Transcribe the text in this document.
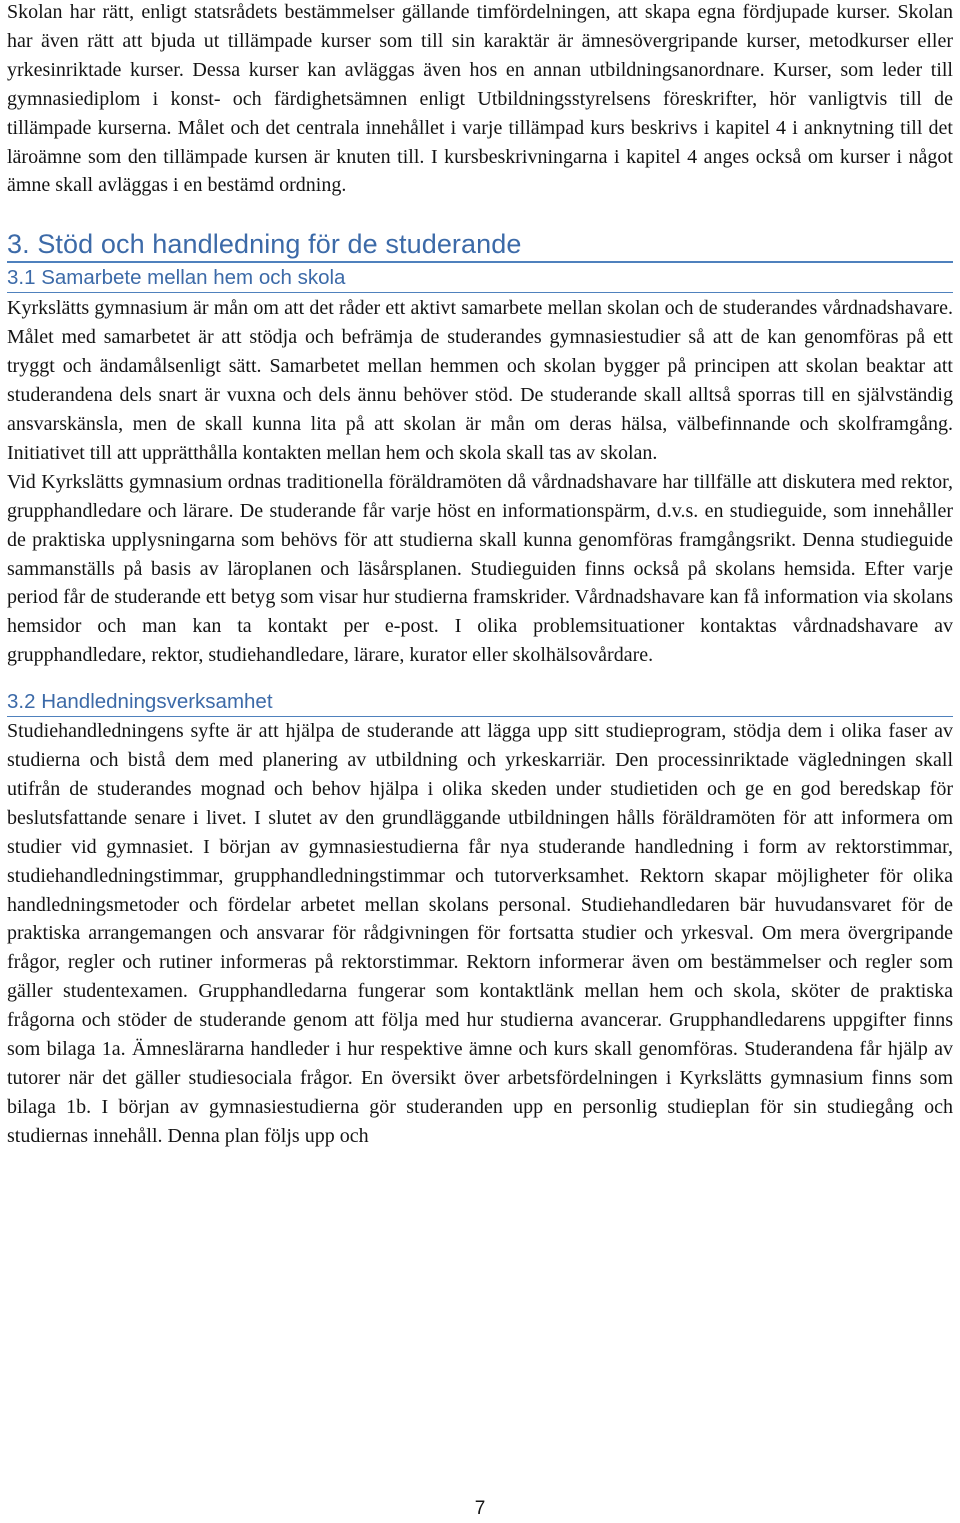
Skolan har rätt, enligt statsrådets bestämmelser gällande timfördelningen, att skapa egna fördjupade kurser. Skolan har även rätt att bjuda ut tillämpade kurser som till sin karaktär är ämnesövergripande kurser, metodkurser eller yrkesinriktade kurser. Dessa kurser kan avläggas även hos en annan utbildningsanordnare. Kurser, som leder till gymnasiediplom i konst- och färdighetsämnen enligt Utbildningsstyrelsens föreskrifter, hör vanligtvis till de tillämpade kurserna. Målet och det centrala innehållet i varje tillämpad kurs beskrivs i kapitel 4 i anknytning till det läroämne som den tillämpade kursen är knuten till. I kursbeskrivningarna i kapitel 4 anges också om kurser i något ämne skall avläggas i en bestämd ordning.

3. Stöd och handledning för de studerande
3.1 Samarbete mellan hem och skola

Kyrkslätts gymnasium är mån om att det råder ett aktivt samarbete mellan skolan och de studerandes vårdnadshavare. Målet med samarbetet är att stödja och befrämja de studerandes gymnasiestudier så att de kan genomföras på ett tryggt och ändamålsenligt sätt. Samarbetet mellan hemmen och skolan bygger på principen att skolan beaktar att studerandena dels snart är vuxna och dels ännu behöver stöd. De studerande skall alltså sporras till en självständig ansvarskänsla, men de skall kunna lita på att skolan är mån om deras hälsa, välbefinnande och skolframgång. Initiativet till att upprätthålla kontakten mellan hem och skola skall tas av skolan.

Vid Kyrkslätts gymnasium ordnas traditionella föräldramöten då vårdnadshavare har tillfälle att diskutera med rektor, grupphandledare och lärare. De studerande får varje höst en informationspärm, d.v.s. en studieguide, som innehåller de praktiska upplysningarna som behövs för att studierna skall kunna genomföras framgångsrikt. Denna studieguide sammanställs på basis av läroplanen och läsårsplanen. Studieguiden finns också på skolans hemsida. Efter varje period får de studerande ett betyg som visar hur studierna framskrider. Vårdnadshavare kan få information via skolans hemsidor och man kan ta kontakt per e-post. I olika problemsituationer kontaktas vårdnadshavare av grupphandledare, rektor, studiehandledare, lärare, kurator eller skolhälsovårdare.

3.2 Handledningsverksamhet

Studiehandledningens syfte är att hjälpa de studerande att lägga upp sitt studieprogram, stödja dem i olika faser av studierna och bistå dem med planering av utbildning och yrkeskarriär. Den processinriktade vägledningen skall utifrån de studerandes mognad och behov hjälpa i olika skeden under studietiden och ge en god beredskap för beslutsfattande senare i livet. I slutet av den grundläggande utbildningen hålls föräldramöten för att informera om studier vid gymnasiet. I början av gymnasiestudierna får nya studerande handledning i form av rektorstimmar, studiehandledningstimmar, grupphandledningstimmar och tutorverksamhet. Rektorn skapar möjligheter för olika handledningsmetoder och fördelar arbetet mellan skolans personal. Studiehandledaren bär huvudansvaret för de praktiska arrangemangen och ansvarar för rådgivningen för fortsatta studier och yrkesval. Om mera övergripande frågor, regler och rutiner informeras på rektorstimmar. Rektorn informerar även om bestämmelser och regler som gäller studentexamen. Grupphandledarna fungerar som kontaktlänk mellan hem och skola, sköter de praktiska frågorna och stöder de studerande genom att följa med hur studierna avancerar. Grupphandledarens uppgifter finns som bilaga 1a. Ämneslärarna handleder i hur respektive ämne och kurs skall genomföras. Studerandena får hjälp av tutorer när det gäller studiesociala frågor. En översikt över arbetsfördelningen i Kyrkslätts gymnasium finns som bilaga 1b. I början av gymnasiestudierna gör studeranden upp en personlig studieplan för sin studiegång och studiernas innehåll. Denna plan följs upp och

7
